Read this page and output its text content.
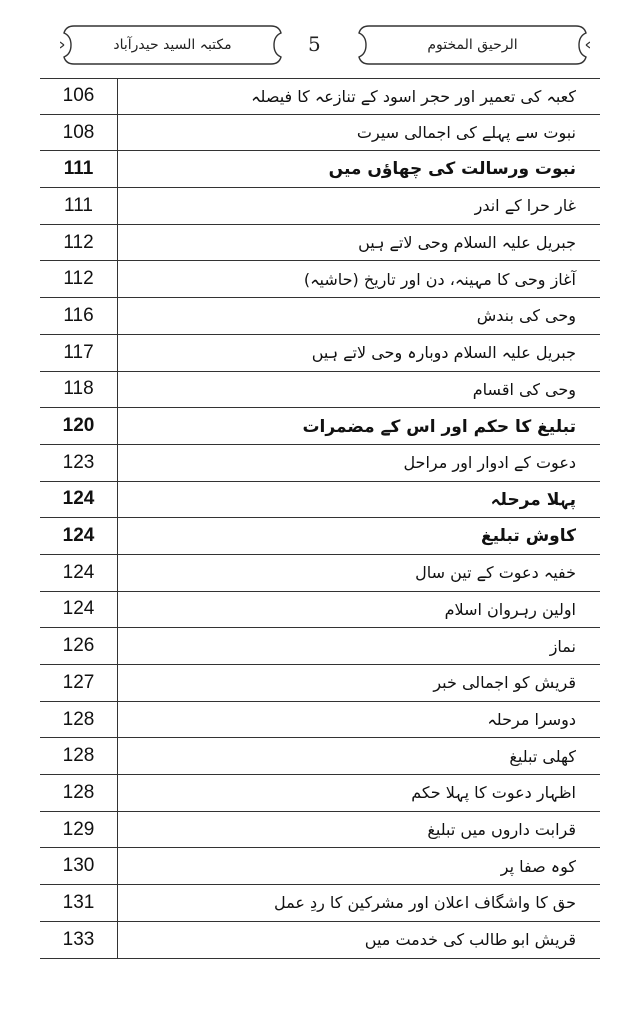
مکتبہ السید حیدرآباد	5	الرحیق المختوم
106	کعبہ کی تعمیر اور حجر اسود کے تنازعہ کا فیصلہ
108	نبوت سے پہلے کی اجمالی سیرت
111	نبوت ورسالت کی چھاؤں میں
111	غار حرا کے اندر
112	جبریل علیہ السلام وحی لاتے ہیں
112	آغاز وحی کا مہینہ، دن اور تاریخ (حاشیہ)
116	وحی کی بندش
117	جبریل علیہ السلام دوبارہ وحی لاتے ہیں
118	وحی کی اقسام
120	تبلیغ کا حکم اور اس کے مضمرات
123	دعوت کے ادوار اور مراحل
124	پہلا مرحلہ
124	کاوش تبلیغ
124	خفیہ دعوت کے تین سال
124	اولین رہروان اسلام
126	نماز
127	قریش کو اجمالی خبر
128	دوسرا مرحلہ
128	کھلی تبلیغ
128	اظہار دعوت کا پہلا حکم
129	قرابت داروں میں تبلیغ
130	کوہ صفا پر
131	حق کا واشگاف اعلان اور مشرکین کا ردِ عمل
133	قریش ابو طالب کی خدمت میں
